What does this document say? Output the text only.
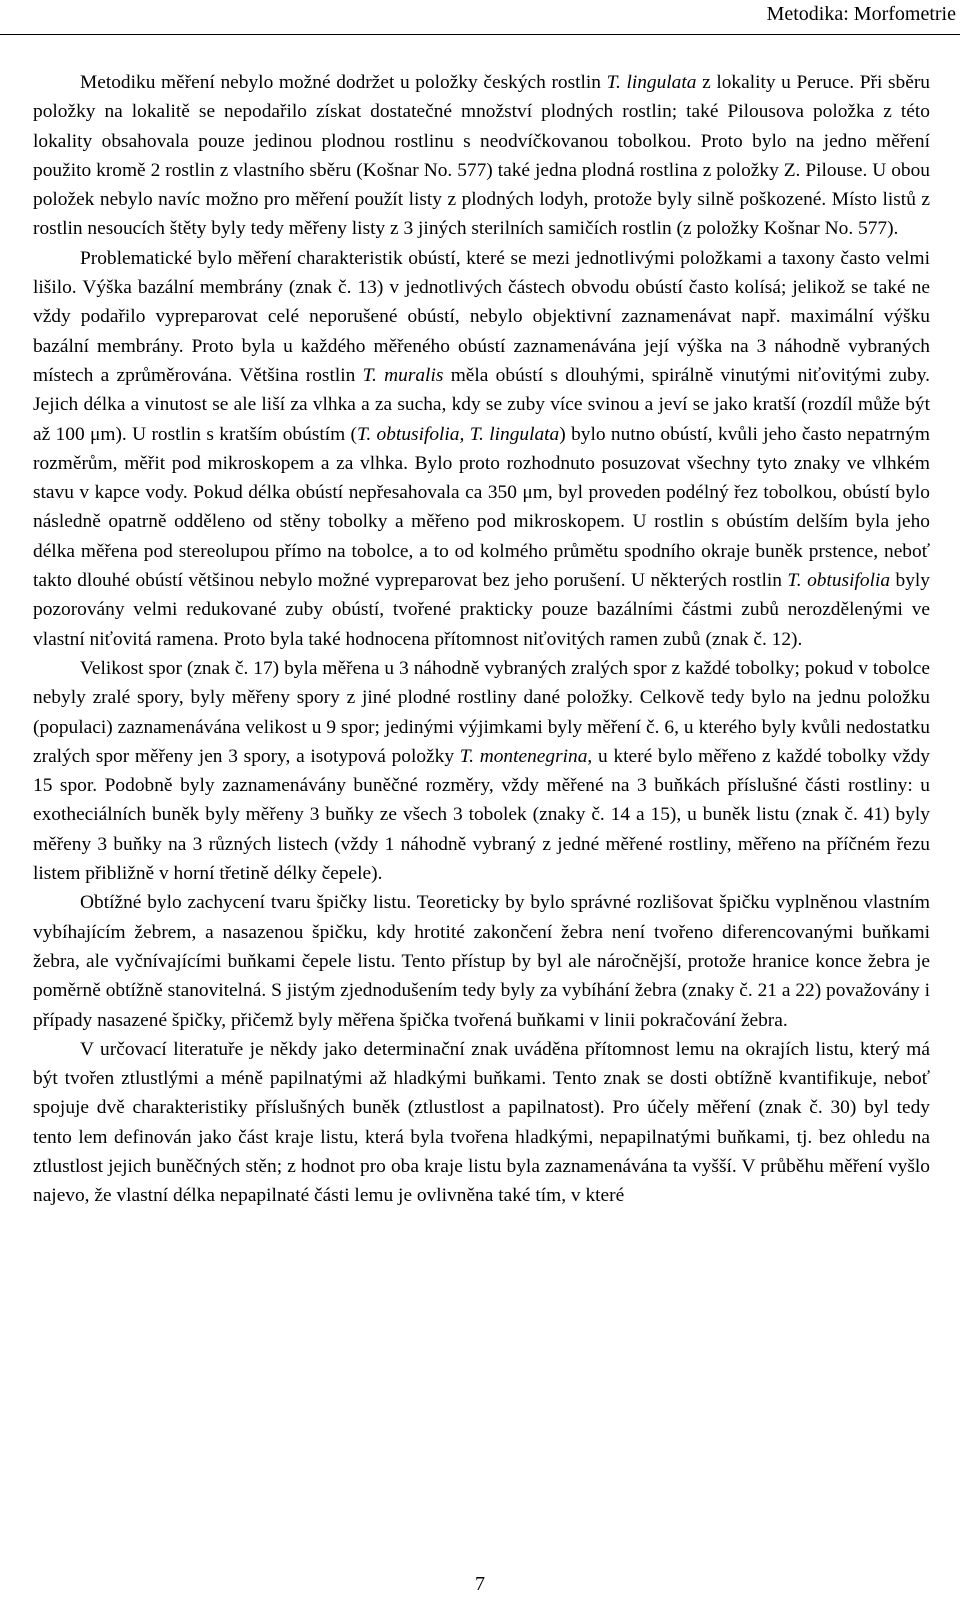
Metodika: Morfometrie

Metodiku měření nebylo možné dodržet u položky českých rostlin T. lingulata z lokality u Peruce. Při sběru položky na lokalitě se nepodařilo získat dostatečné množství plodných rostlin; také Pilousova položka z této lokality obsahovala pouze jedinou plodnou rostlinu s neodvíčkovanou tobolkou. Proto bylo na jedno měření použito kromě 2 rostlin z vlastního sběru (Košnar No. 577) také jedna plodná rostlina z položky Z. Pilouse. U obou položek nebylo navíc možno pro měření použít listy z plodných lodyh, protože byly silně poškozené. Místo listů z rostlin nesoucích štěty byly tedy měřeny listy z 3 jiných sterilních samičích rostlin (z položky Košnar No. 577).

Problematické bylo měření charakteristik obústí, které se mezi jednotlivými položkami a taxony často velmi lišilo. Výška bazální membrány (znak č. 13) v jednotlivých částech obvodu obústí často kolísá; jelikož se také ne vždy podařilo vypreparovat celé neporušené obústí, nebylo objektivní zaznamenávat např. maximální výšku bazální membrány. Proto byla u každého měřeného obústí zaznamenávána její výška na 3 náhodně vybraných místech a zprůměrována. Většina rostlin T. muralis měla obústí s dlouhými, spirálně vinutými niťovitými zuby. Jejich délka a vinutost se ale liší za vlhka a za sucha, kdy se zuby více svinou a jeví se jako kratší (rozdíl může být až 100 μm). U rostlin s kratším obústím (T. obtusifolia, T. lingulata) bylo nutno obústí, kvůli jeho často nepatrným rozměrům, měřit pod mikroskopem a za vlhka. Bylo proto rozhodnuto posuzovat všechny tyto znaky ve vlhkém stavu v kapce vody. Pokud délka obústí nepřesahovala ca 350 μm, byl proveden podélný řez tobolkou, obústí bylo následně opatrně odděleno od stěny tobolky a měřeno pod mikroskopem. U rostlin s obústím delším byla jeho délka měřena pod stereolupou přímo na tobolce, a to od kolmého průmětu spodního okraje buněk prstence, neboť takto dlouhé obústí většinou nebylo možné vypreparovat bez jeho porušení. U některých rostlin T. obtusifolia byly pozorovány velmi redukované zuby obústí, tvořené prakticky pouze bazálními částmi zubů nerozdělenými ve vlastní niťovitá ramena. Proto byla také hodnocena přítomnost niťovitých ramen zubů (znak č. 12).

Velikost spor (znak č. 17) byla měřena u 3 náhodně vybraných zralých spor z každé tobolky; pokud v tobolce nebyly zralé spory, byly měřeny spory z jiné plodné rostliny dané položky. Celkově tedy bylo na jednu položku (populaci) zaznamenávána velikost u 9 spor; jedinými výjimkami byly měření č. 6, u kterého byly kvůli nedostatku zralých spor měřeny jen 3 spory, a isotypová položky T. montenegrina, u které bylo měřeno z každé tobolky vždy 15 spor. Podobně byly zaznamenávány buněčné rozměry, vždy měřené na 3 buňkách příslušné části rostliny: u exotheciálních buněk byly měřeny 3 buňky ze všech 3 tobolek (znaky č. 14 a 15), u buněk listu (znak č. 41) byly měřeny 3 buňky na 3 různých listech (vždy 1 náhodně vybraný z jedné měřené rostliny, měřeno na příčném řezu listem přibližně v horní třetině délky čepele).

Obtížné bylo zachycení tvaru špičky listu. Teoreticky by bylo správné rozlišovat špičku vyplněnou vlastním vybíhajícím žebrem, a nasazenou špičku, kdy hrotité zakončení žebra není tvořeno diferencovanými buňkami žebra, ale vyčnívajícími buňkami čepele listu. Tento přístup by byl ale náročnější, protože hranice konce žebra je poměrně obtížně stanovitelná. S jistým zjednodušením tedy byly za vybíhání žebra (znaky č. 21 a 22) považovány i případy nasazené špičky, přičemž byly měřena špička tvořená buňkami v linii pokračování žebra.

V určovací literatuře je někdy jako determinační znak uváděna přítomnost lemu na okrajích listu, který má být tvořen ztlustlými a méně papilnatými až hladkými buňkami. Tento znak se dosti obtížně kvantifikuje, neboť spojuje dvě charakteristiky příslušných buněk (ztlustlost a papilnatost). Pro účely měření (znak č. 30) byl tedy tento lem definován jako část kraje listu, která byla tvořena hladkými, nepapilnatými buňkami, tj. bez ohledu na ztlustlost jejich buněčných stěn; z hodnot pro oba kraje listu byla zaznamenávána ta vyšší. V průběhu měření vyšlo najevo, že vlastní délka nepapilnaté části lemu je ovlivněna také tím, v které

7
